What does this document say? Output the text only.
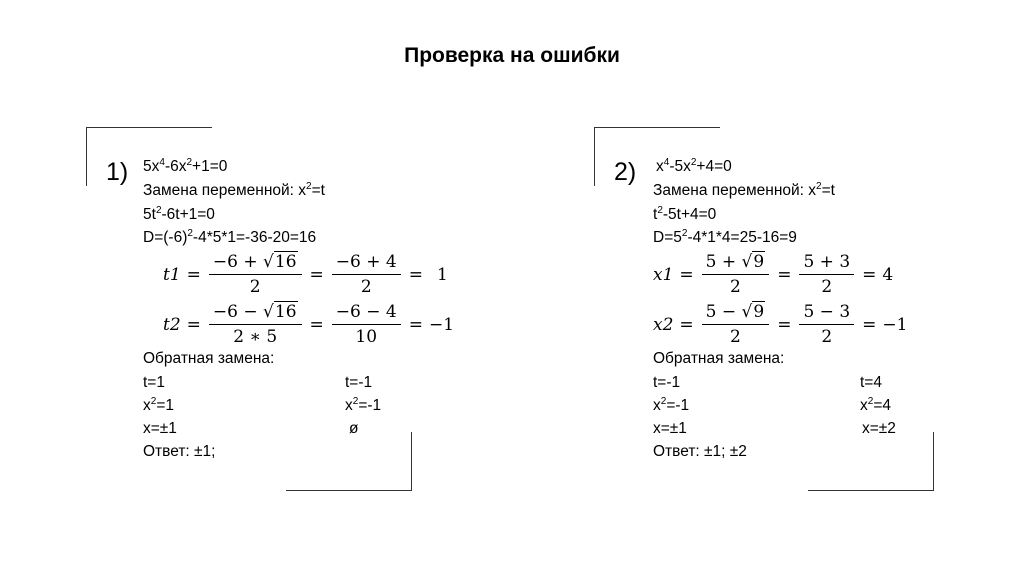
Проверка на ошибки
1) $5x^4-6x^2+1=0$
Замена переменной: $x^2=t$
$5t^2-6t+1=0$
$D=(-6)^2-4*5*1=-36-20=16$
$t1 = \frac{-6 + √16}{2} = \frac{-6 + 4}{2} = 1$
$t2 = \frac{-6 - √16}{2 ∗ 5} = \frac{-6 - 4}{10} = -1$
Обратная замена:
t=1
$x^2=1$
x=±1
t=-1
$x^2=-1$
ø
Ответ: ±1;
2) $x^4-5x^2+4=0$
Замена переменной: $x^2=t$
$t^2-5t+4=0$
$D=5^2-4*1*4=25-16=9$
$x1 = \frac{5 + √9}{2} = \frac{5 + 3}{2} = 4$
$x2 = \frac{5 - √9}{2} = \frac{5 - 3}{2} = -1$
Обратная замена:
t=-1
$x^2=-1$
x=±1
t=4
$x^2=4$
x=±2
Ответ: ±1; ±2
